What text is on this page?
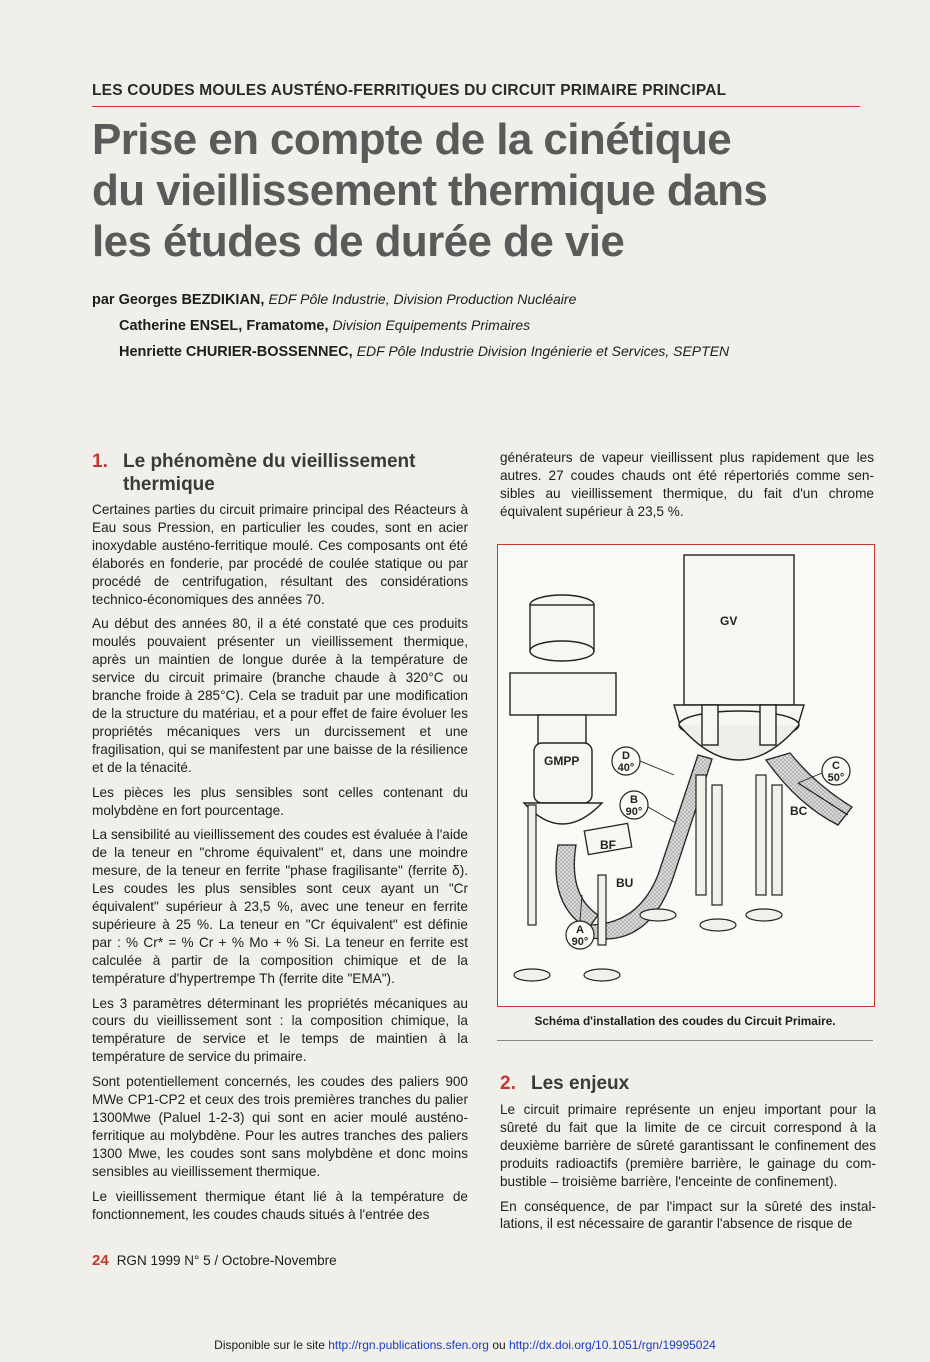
LES COUDES MOULES AUSTÉNO-FERRITIQUES DU CIRCUIT PRIMAIRE PRINCIPAL
Prise en compte de la cinétique
du vieillissement thermique dans
les études de durée de vie
par Georges BEZDIKIAN, EDF Pôle Industrie, Division Production Nucléaire
Catherine ENSEL, Framatome, Division Equipements Primaires
Henriette CHURIER-BOSSENNEC, EDF Pôle Industrie Division Ingénierie et Services, SEPTEN
1. Le phénomène du vieillissement
thermique

Certaines parties du circuit primaire principal des Réacteurs à Eau sous Pression, en particulier les coudes, sont en acier inoxydable austéno-ferritique moulé. Ces composants ont été élaborés en fonderie, par procédé de coulée statique ou par procédé de centrifugation, résultant des considérations technico-économiques des années 70.

Au début des années 80, il a été constaté que ces produits moulés pouvaient présenter un vieillissement thermique, après un maintien de longue durée à la température de service du circuit primaire (branche chaude à 320°C ou branche froide à 285°C). Cela se traduit par une modification de la structure du matériau, et a pour effet de faire évoluer les propriétés mécaniques vers un durcissement et une fragilisation, qui se manifestent par une baisse de la résilience et de la ténacité.

Les pièces les plus sensibles sont celles contenant du molybdène en fort pourcentage.

La sensibilité au vieillissement des coudes est évaluée à l'aide de la teneur en "chrome équivalent" et, dans une moindre mesure, de la teneur en ferrite "phase fragilisante" (ferrite δ). Les coudes les plus sensibles sont ceux ayant un "Cr équivalent" supérieur à 23,5 %, avec une teneur en ferrite supérieure à 25 %. La teneur en "Cr équivalent" est définie par : % Cr* = % Cr + % Mo + % Si. La teneur en ferrite est calculée à partir de la composition chimique et de la température d'hypertrempe Th (ferrite dite "EMA").

Les 3 paramètres déterminant les propriétés mécaniques au cours du vieillissement sont : la composition chimique, la température de service et le temps de maintien à la température de service du primaire.

Sont potentiellement concernés, les coudes des paliers 900 MWe CP1-CP2 et ceux des trois premières tranches du palier 1300Mwe (Paluel 1-2-3) qui sont en acier moulé austéno-ferritique au molybdène. Pour les autres tranches des paliers 1300 Mwe, les coudes sont sans molybdène et donc moins sensibles au vieillissement thermique.

Le vieillissement thermique étant lié à la température de fonctionnement, les coudes chauds situés à l'entrée des

générateurs de vapeur vieillissent plus rapidement que les autres. 27 coudes chauds ont été répertoriés comme sensibles au vieillissement thermique, du fait d'un chrome équivalent supérieur à 23,5 %.

GV
GMPP
BF
BU
BC
D
40°
B
90°
A
90°
C
50°
Schéma d'installation des coudes du Circuit Primaire.
2. Les enjeux

Le circuit primaire représente un enjeu important pour la sûreté du fait que la limite de ce circuit correspond à la deuxième barrière de sûreté garantissant le confinement des produits radioactifs (première barrière, le gainage du combustible – troisième barrière, l'enceinte de confinement).

En conséquence, de par l'impact sur la sûreté des installations, il est nécessaire de garantir l'absence de risque de

24 RGN 1999 N° 5 / Octobre-Novembre
Disponible sur le site http://rgn.publications.sfen.org ou http://dx.doi.org/10.1051/rgn/19995024
